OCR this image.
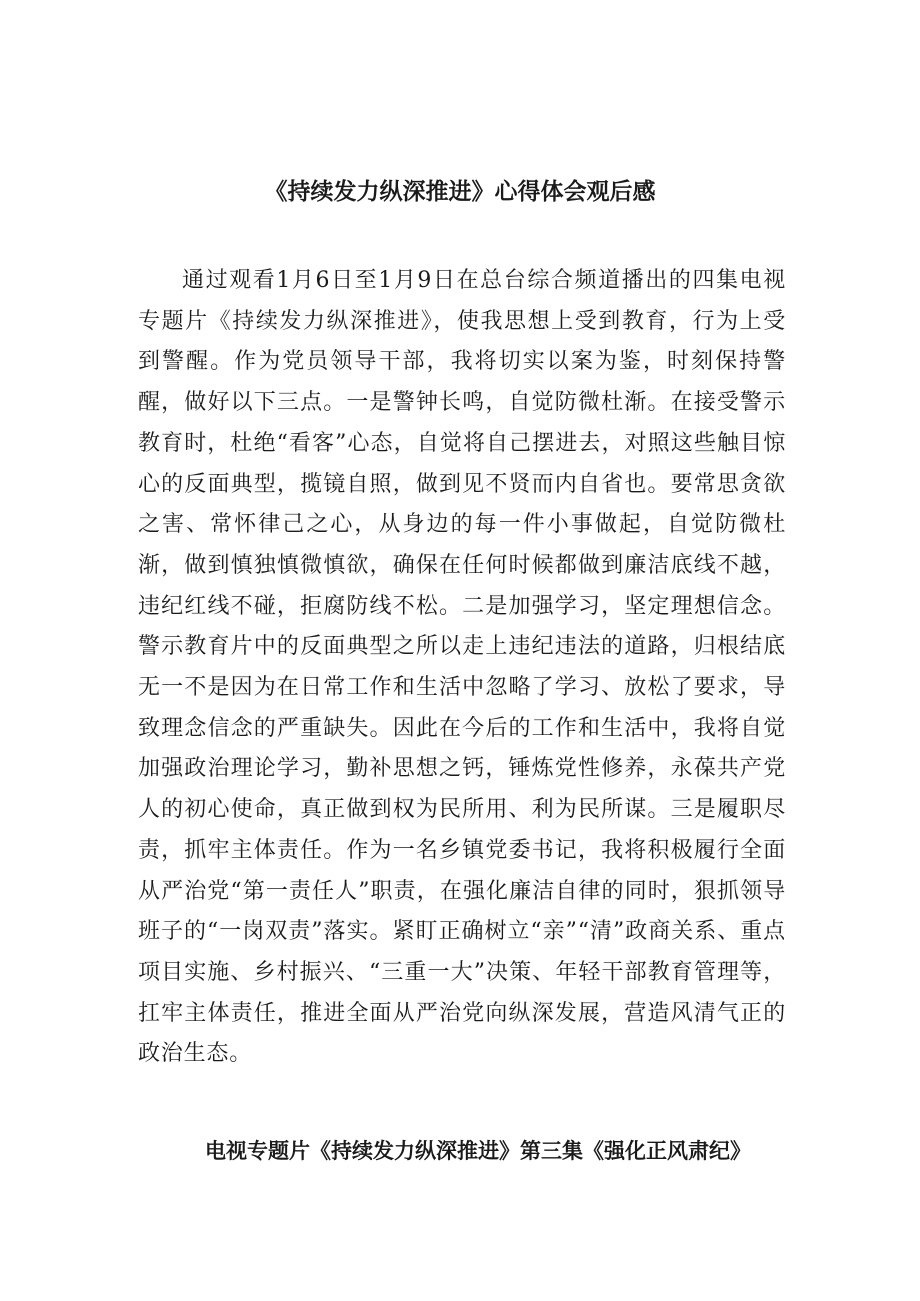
《持续发力纵深推进》心得体会观后感

通过观看1月6日至1月9日在总台综合频道播出的四集电视专题片《持续发力纵深推进》，使我思想上受到教育，行为上受到警醒。作为党员领导干部，我将切实以案为鉴，时刻保持警醒，做好以下三点。一是警钟长鸣，自觉防微杜渐。在接受警示教育时，杜绝“看客”心态，自觉将自己摆进去，对照这些触目惊心的反面典型，揽镜自照，做到见不贤而内自省也。要常思贪欲之害、常怀律己之心，从身边的每一件小事做起，自觉防微杜渐，做到慎独慎微慎欲，确保在任何时候都做到廉洁底线不越，违纪红线不碰，拒腐防线不松。二是加强学习，坚定理想信念。警示教育片中的反面典型之所以走上违纪违法的道路，归根结底无一不是因为在日常工作和生活中忽略了学习、放松了要求，导致理念信念的严重缺失。因此在今后的工作和生活中，我将自觉加强政治理论学习，勤补思想之钙，锤炼党性修养，永葆共产党人的初心使命，真正做到权为民所用、利为民所谋。三是履职尽责，抓牢主体责任。作为一名乡镇党委书记，我将积极履行全面从严治党“第一责任人”职责，在强化廉洁自律的同时，狠抓领导班子的“一岗双责”落实。紧盯正确树立“亲”“清”政商关系、重点项目实施、乡村振兴、“三重一大”决策、年轻干部教育管理等，扛牢主体责任，推进全面从严治党向纵深发展，营造风清气正的政治生态。

电视专题片《持续发力纵深推进》第三集《强化正风肃纪》
